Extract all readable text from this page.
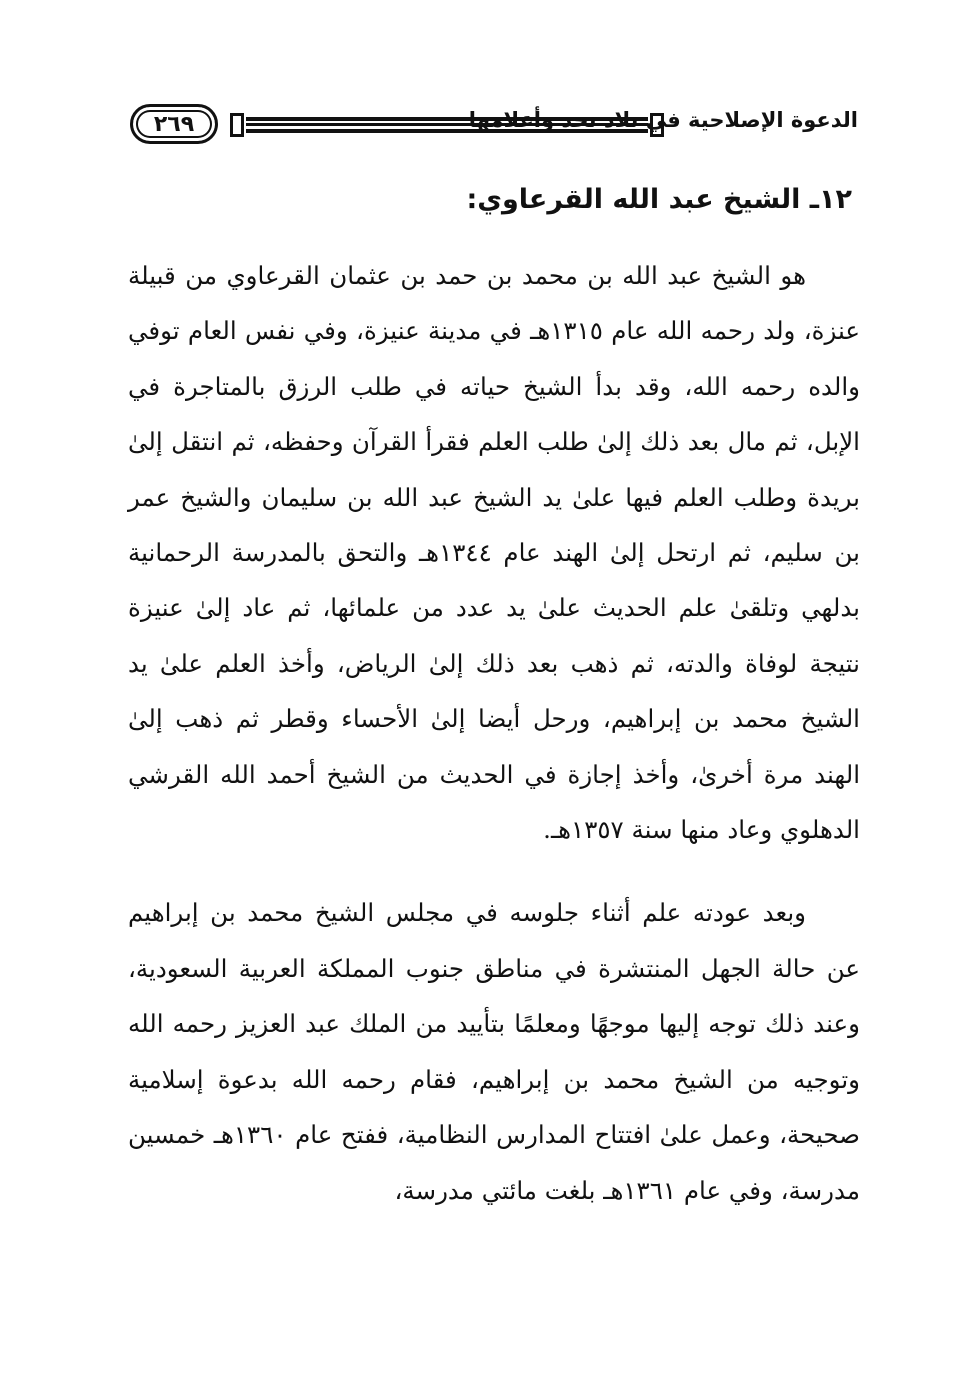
٢٦٩	الدعوة الإصلاحية في بلاد نجد وأعلامها
١٢ـ الشيخ عبد الله القرعاوي:

هو الشيخ عبد الله بن محمد بن حمد بن عثمان القرعاوي من قبيلة عنزة، ولد رحمه الله عام ١٣١٥هـ في مدينة عنيزة، وفي نفس العام توفي والده رحمه الله، وقد بدأ الشيخ حياته في طلب الرزق بالمتاجرة في الإبل، ثم مال بعد ذلك إلىٰ طلب العلم فقرأ القرآن وحفظه، ثم انتقل إلىٰ بريدة وطلب العلم فيها علىٰ يد الشيخ عبد الله بن سليمان والشيخ عمر بن سليم، ثم ارتحل إلىٰ الهند عام ١٣٤٤هـ والتحق بالمدرسة الرحمانية بدلهي وتلقىٰ علم الحديث علىٰ يد عدد من علمائها، ثم عاد إلىٰ عنيزة نتيجة لوفاة والدته، ثم ذهب بعد ذلك إلىٰ الرياض، وأخذ العلم علىٰ يد الشيخ محمد بن إبراهيم، ورحل أيضا إلىٰ الأحساء وقطر ثم ذهب إلىٰ الهند مرة أخرىٰ، وأخذ إجازة في الحديث من الشيخ أحمد الله القرشي الدهلوي وعاد منها سنة ١٣٥٧هـ.

وبعد عودته علم أثناء جلوسه في مجلس الشيخ محمد بن إبراهيم عن حالة الجهل المنتشرة في مناطق جنوب المملكة العربية السعودية، وعند ذلك توجه إليها موجهًا ومعلمًا بتأييد من الملك عبد العزيز رحمه الله وتوجيه من الشيخ محمد بن إبراهيم، فقام رحمه الله بدعوة إسلامية صحيحة، وعمل علىٰ افتتاح المدارس النظامية، ففتح عام ١٣٦٠هـ خمسين مدرسة، وفي عام ١٣٦١هـ بلغت مائتي مدرسة،
